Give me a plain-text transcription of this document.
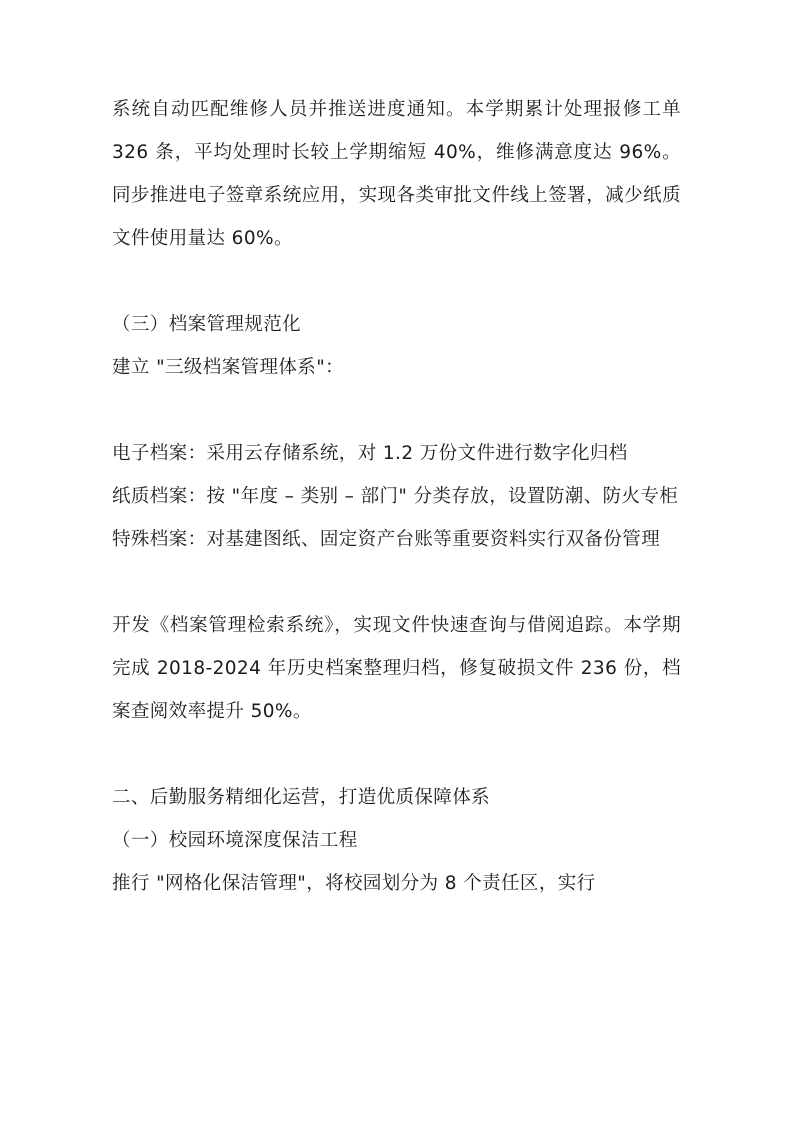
系统自动匹配维修人员并推送进度通知。本学期累计处理报修工单 326 条，平均处理时长较上学期缩短 40%，维修满意度达 96%。同步推进电子签章系统应用，实现各类审批文件线上签署，减少纸质文件使用量达 60%。

（三）档案管理规范化

建立 "三级档案管理体系"：

电子档案：采用云存储系统，对 1.2 万份文件进行数字化归档

纸质档案：按 "年度 – 类别 – 部门" 分类存放，设置防潮、防火专柜

特殊档案：对基建图纸、固定资产台账等重要资料实行双备份管理

开发《档案管理检索系统》，实现文件快速查询与借阅追踪。本学期完成 2018-2024 年历史档案整理归档，修复破损文件 236 份，档案查阅效率提升 50%。

二、后勤服务精细化运营，打造优质保障体系

（一）校园环境深度保洁工程

推行 "网格化保洁管理"，将校园划分为 8 个责任区，实行
